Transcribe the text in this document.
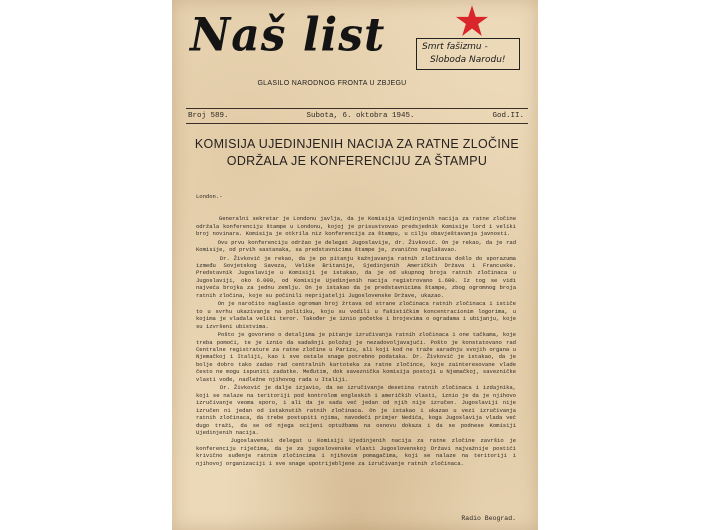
Naš list	Smrt fašizmu -
Sloboda Narodu!
GLASILO NARODNOG FRONTA U ZBJEGU
Broj 589.	Subota, 6. oktobra 1945.	God.II.
KOMISIJA UJEDINJENIH NACIJA ZA RATNE ZLOČINE
ODRŽALA JE KONFERENCIJU ZA ŠTAMPU

London.-

Generalni sekretar je Londonu javlja, da je Komisija Ujedinjenih nacija za ratne zločine održala konferenciju štampe u Londonu, kojoj je prisustvovao predsjednik Komisije lord i veliki broj novinara. Komisija je otkrila niz konferencija za štampu, u cilju obavještavanja javnosti.

Ovu prvu konferenciju održao je delegat Jugoslavije, dr. Živković. On je rekao, da je rad Komisije, od prvih sastanaka, sa predstavnicima štampe je, zvanično naglašavao.

Dr. Živković je rekao, da je po pitanju kažnjavanja ratnih zločinaca došlo do sporazuma između Sovjetskog Saveza, Velike Britanije, Sjedinjenih Američkih Država i Francuske. Predstavnik Jugoslavije u Komisiji je istakao, da je od ukupnog broja ratnih zločinaca u Jugoslaviji, oko 6.000, od Komisije Ujedinjenih nacija registrovano 1.600. Iz tog se vidi najveća brojka za jednu zemlju. On je istakao da je predstavnicima štampe, zbog ogromnog broja ratnih zločina, koje su počinili neprijatelji Jugoslovenske Države, ukazao.

On je naročito naglasio ogroman broj žrtava od strane zločinaca ratnih zločinaca i ističe to u svrhu ukazivanja na politiku, koju su vodili u fašističkim koncentracionim logorima, u kojima je vladala veliki teror. Također je iznio početke i brojevima o ogradama i ubijanju, koje su izvršeni ubistvima.

Pošto je govoreno o detaljima je pitanje izručivanja ratnih zločinaca i one tačkama, koje treba pomoći, te je iznio da sadašnji položaj je nezadovoljavajući. Pošto je konstatovano rad Centralne registrature za ratne zločine u Parizu, ali koji kod ne traže saradnju svojih organa u Njemačkoj i Italiji, kao i sve ostale snage potrebno podataka. Dr. Živković je istakao, da je bolje dobro tako zadao rad centralnih kartoteka za ratne zločince, koje zainteresovane vlade često ne mogu ispuniti zadatke. Međutim, dok saveznička komisija postoji u Njemačkoj, savezničke vlasti vođe, nadležne njihovog rada u Italiji.

Dr. Živković je dalje izjavio, da se izručivanje desetina ratnih zločinaca i izdajnika, koji se nalaze na teritoriji pod kontrolom engleskih i američkih vlasti, iznio je da je njihovo izručivanje veoma sporo, i ali da je sada već jedan od njih nije izručen. Jugoslaviji nije izručen ni jedan od istaknutih ratnih zločinaca. On je istakao i ukazao u vezi izručivanja ratnih zločinaca, da trebe postupiti njima, navodeći primjer Nedića, koga Jugoslavija vlada već dugo traži, da se od njega ocijeni optužbama na osnovu dokaza i da se podnese Komisiji Ujedinjenih nacija.

Jugoslavenski delegat u Komisiji Ujedinjenih nacija za ratne zločine završio je konferenciju riječima, da je za jugoslovenske vlasti Jugoslovenskoj Državi najvažnije postići krivično suđenje ratnim zločincima i njihovim pomagačima, koji se nalaze na teritoriji i njihovoj organizaciji i sve snage upotrijebljene za izručivanje ratnih zločinaca.

Radio Beograd.
